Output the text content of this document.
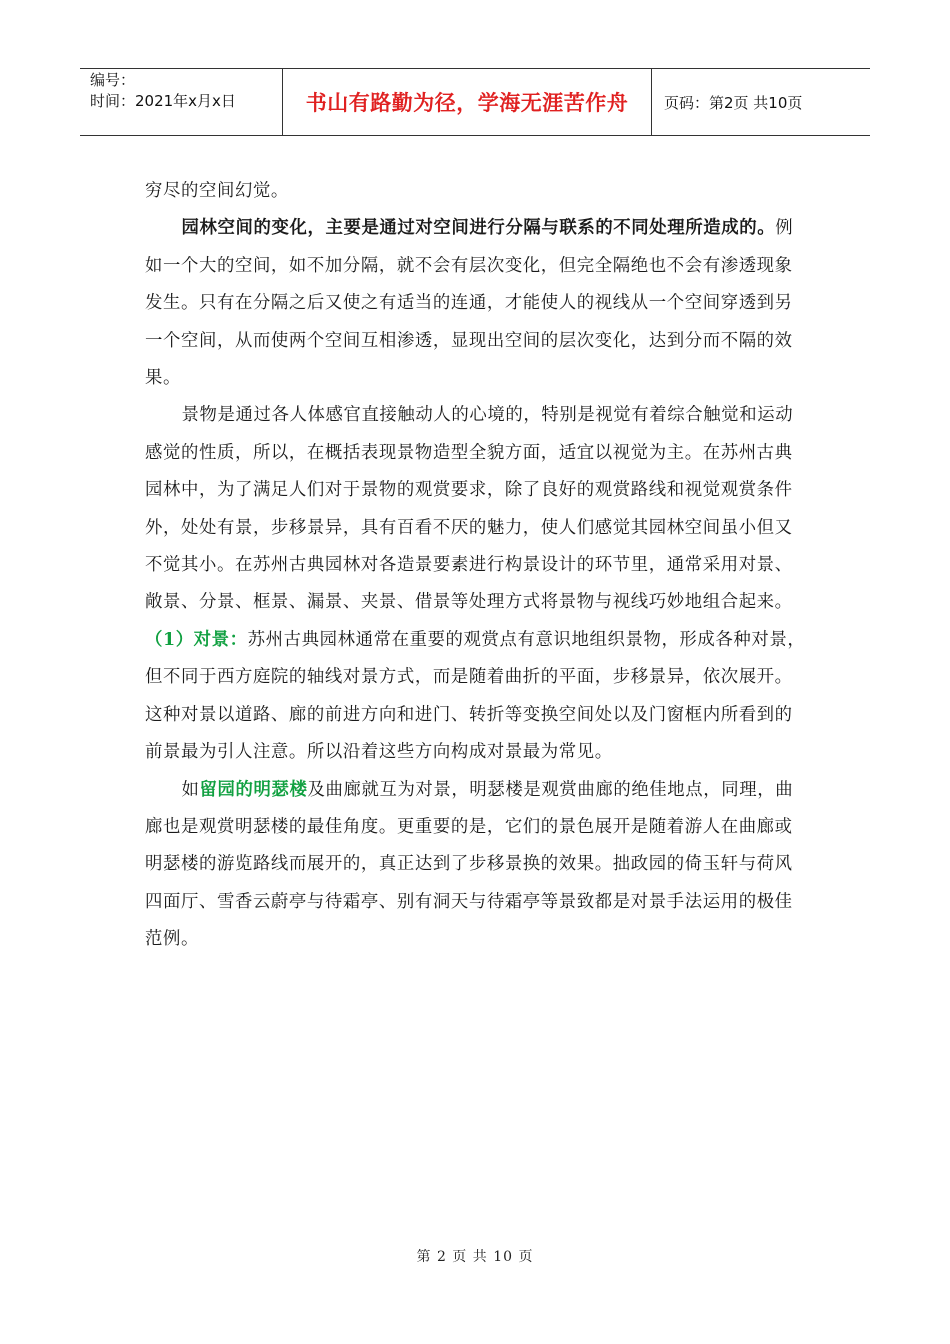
编号：
时间：2021年x月x日	书山有路勤为径，学海无涯苦作舟	页码：第2页 共10页

穷尽的空间幻觉。

园林空间的变化，主要是通过对空间进行分隔与联系的不同处理所造成的。例如一个大的空间，如不加分隔，就不会有层次变化，但完全隔绝也不会有渗透现象发生。只有在分隔之后又使之有适当的连通，才能使人的视线从一个空间穿透到另一个空间，从而使两个空间互相渗透，显现出空间的层次变化，达到分而不隔的效果。

景物是通过各人体感官直接触动人的心境的，特别是视觉有着综合触觉和运动感觉的性质，所以，在概括表现景物造型全貌方面，适宜以视觉为主。在苏州古典园林中，为了满足人们对于景物的观赏要求，除了良好的观赏路线和视觉观赏条件外，处处有景，步移景异，具有百看不厌的魅力，使人们感觉其园林空间虽小但又不觉其小。在苏州古典园林对各造景要素进行构景设计的环节里，通常采用对景、敞景、分景、框景、漏景、夹景、借景等处理方式将景物与视线巧妙地组合起来。

（1）对景：苏州古典园林通常在重要的观赏点有意识地组织景物，形成各种对景，但不同于西方庭院的轴线对景方式，而是随着曲折的平面，步移景异，依次展开。这种对景以道路、廊的前进方向和进门、转折等变换空间处以及门窗框内所看到的前景最为引人注意。所以沿着这些方向构成对景最为常见。

如留园的明瑟楼及曲廊就互为对景，明瑟楼是观赏曲廊的绝佳地点，同理，曲廊也是观赏明瑟楼的最佳角度。更重要的是，它们的景色展开是随着游人在曲廊或明瑟楼的游览路线而展开的，真正达到了步移景换的效果。拙政园的倚玉轩与荷风四面厅、雪香云蔚亭与待霜亭、别有洞天与待霜亭等景致都是对景手法运用的极佳范例。

第 2 页 共 10 页
